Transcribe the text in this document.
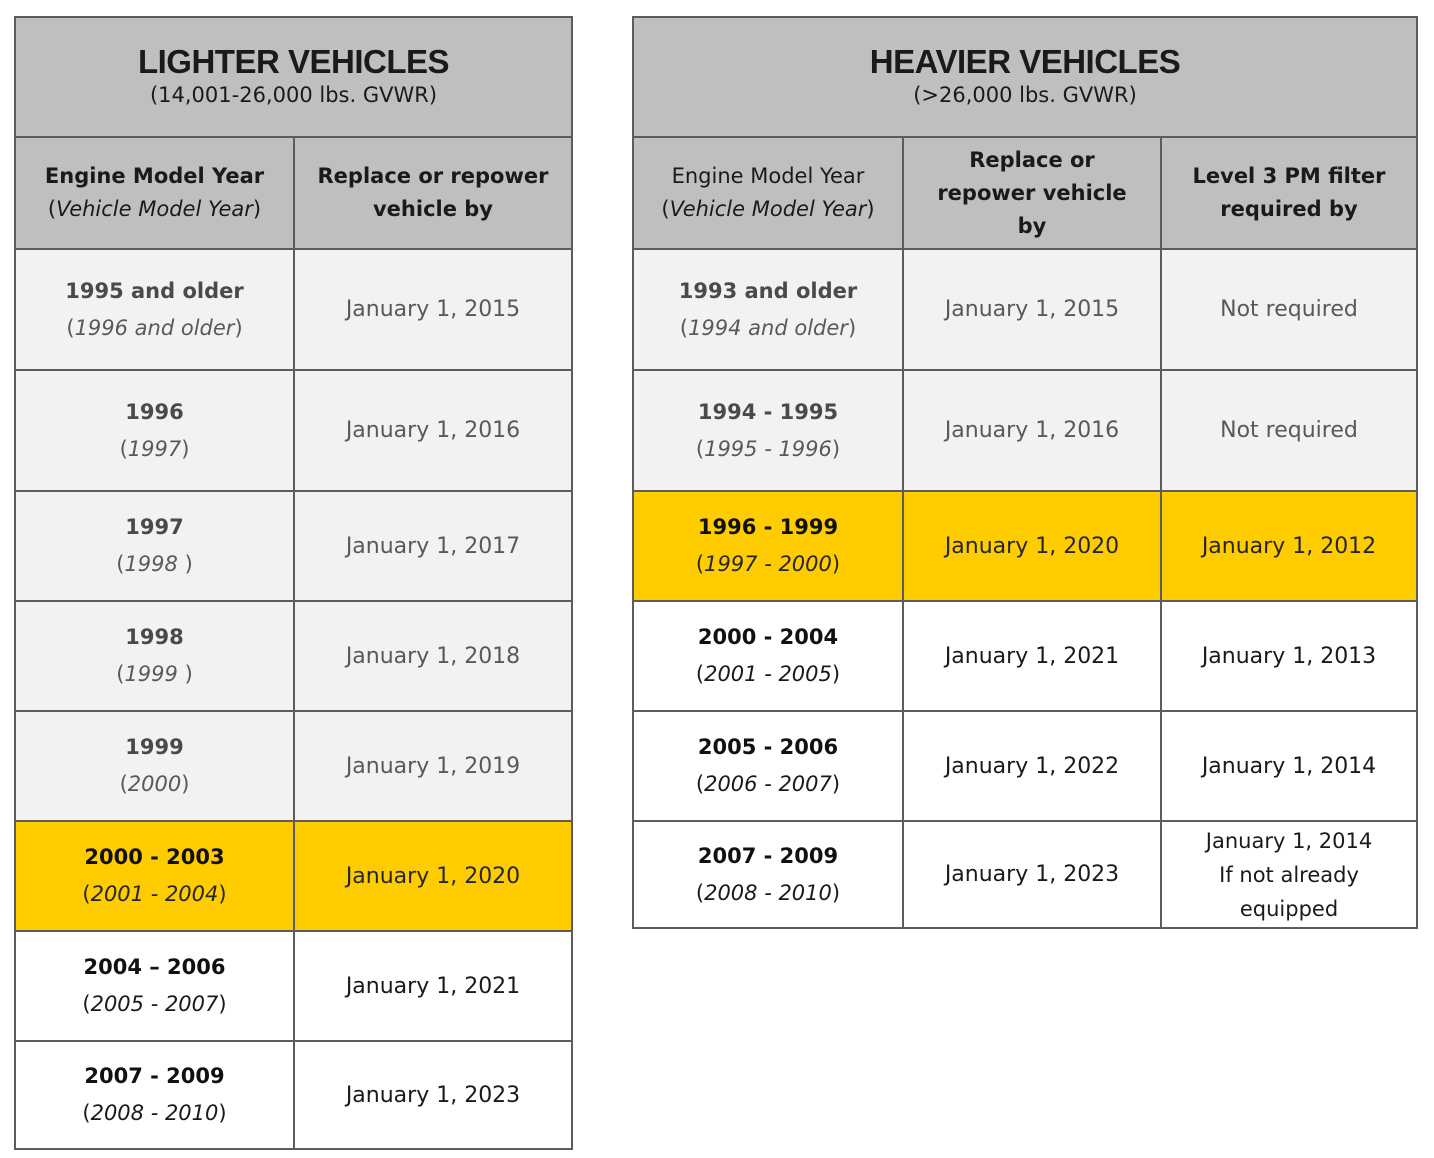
LIGHTER VEHICLES
(14,001-26,000 lbs. GVWR)	

Engine Model Year
(Vehicle Model Year)	Replace or repower vehicle by

1995 and older
(1996 and older)	January 1, 2015

1996
(1997)	January 1, 2016

1997
(1998 )	January 1, 2017

1998
(1999 )	January 1, 2018

1999
(2000)	January 1, 2019

2000 - 2003
(2001 - 2004)	January 1, 2020

2004 – 2006
(2005 - 2007)	January 1, 2021

2007 - 2009
(2008 - 2010)	January 1, 2023
HEAVIER VEHICLES
(>26,000 lbs. GVWR)		

Engine Model Year
(Vehicle Model Year)	Replace or repower vehicle by	Level 3 PM filter required by

1993 and older
(1994 and older)	January 1, 2015	Not required

1994 - 1995
(1995 - 1996)	January 1, 2016	Not required

1996 - 1999
(1997 - 2000)	January 1, 2020	January 1, 2012

2000 - 2004
(2001 - 2005)	January 1, 2021	January 1, 2013

2005 - 2006
(2006 - 2007)	January 1, 2022	January 1, 2014

2007 - 2009
(2008 - 2010)	January 1, 2023	January 1, 2014
If not already equipped
